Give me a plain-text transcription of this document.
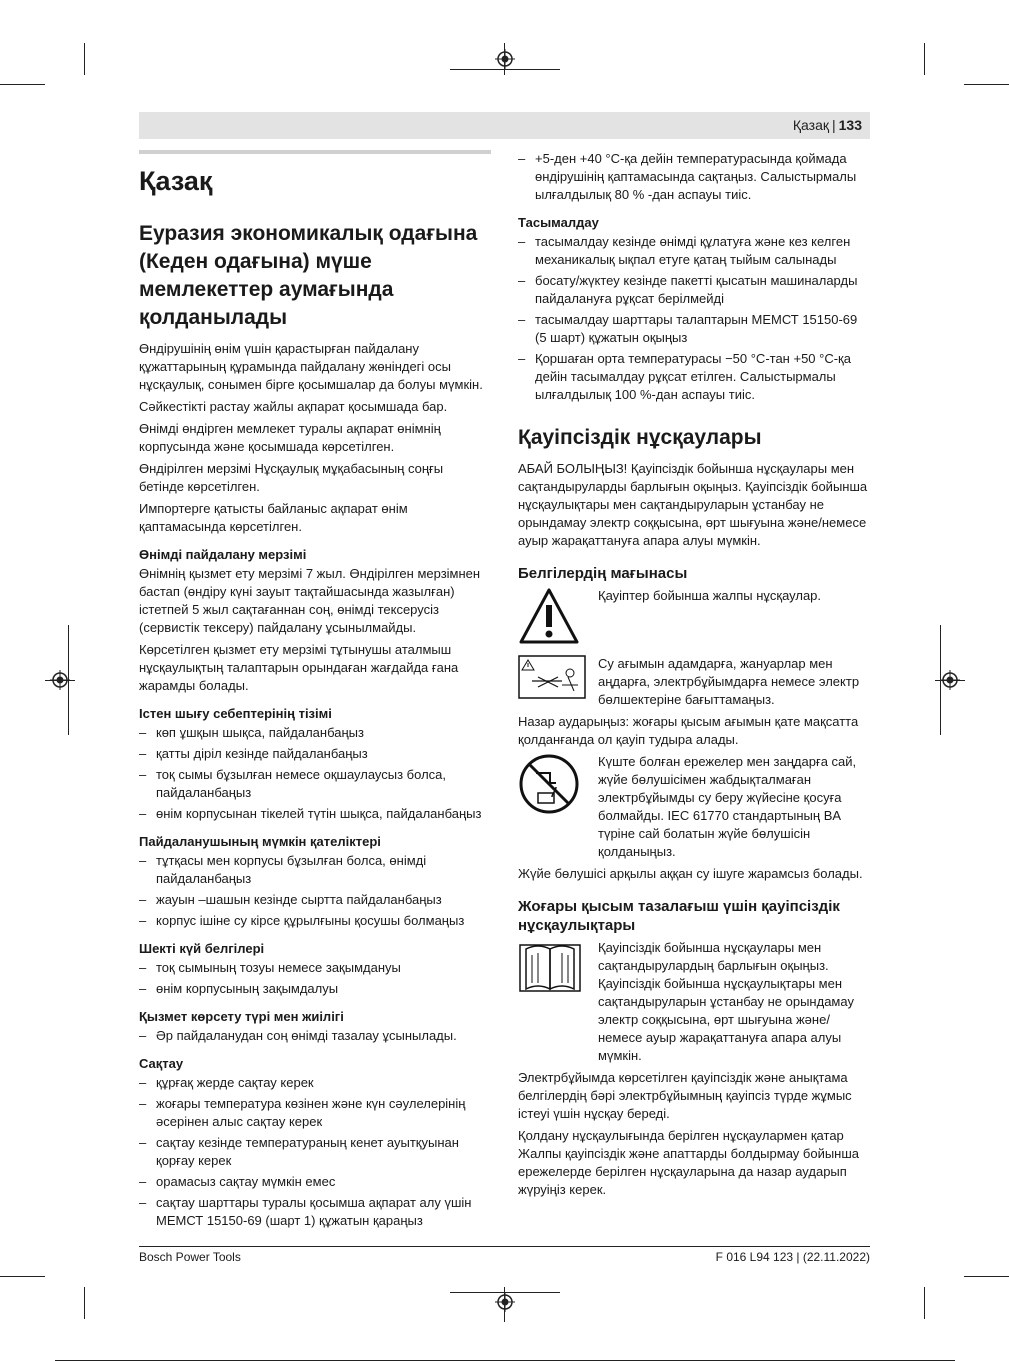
Қазақ | 133
Қазақ
Еуразия экономикалық одағына (Кеден одағына) мүше мемлекеттер аумағында қолданылады

Өндірушінің өнім үшін қарастырған пайдалану құжаттарының құрамында пайдалану жөніндегі осы нұсқаулық, сонымен бірге қосымшалар да болуы мүмкін.

Сәйкестікті растау жайлы ақпарат қосымшада бар.

Өнімді өндірген мемлекет туралы ақпарат өнімнің корпусында және қосымшада көрсетілген.

Өндірілген мерзімі Нұсқаулық мұқабасының соңғы бетінде көрсетілген.

Импортерге қатысты байланыс ақпарат өнім қаптамасында көрсетілген.

Өнімді пайдалану мерзімі

Өнімнің қызмет ету мерзімі 7 жыл. Өндірілген мерзімнен бастап (өндіру күні зауыт тақтайшасында жазылған) істетпей 5 жыл сақтағаннан соң, өнімді тексерусіз (сервистік тексеру) пайдалану ұсынылмайды.

Көрсетілген қызмет ету мерзімі тұтынушы аталмыш нұсқаулықтың талаптарын орындаған жағдайда ғана жарамды болады.

Істен шығу себептерінің тізімі
– көп ұшқын шықса, пайдаланбаңыз
– қатты діріл кезінде пайдаланбаңыз
– тоқ сымы бұзылған немесе оқшаулаусыз болса, пайдаланбаңыз
– өнім корпусынан тікелей түтін шықса, пайдаланбаңыз
Пайдаланушының мүмкін қателіктері
– тұтқасы мен корпусы бұзылған болса, өнімді пайдаланбаңыз
– жауын –шашын кезінде сыртта пайдаланбаңыз
– корпус ішіне су кірсе құрылғыны қосушы болмаңыз
Шекті күй белгілері
– тоқ сымының тозуы немесе зақымдануы
– өнім корпусының зақымдалуы
Қызмет көрсету түрі мен жиілігі
– Әр пайдаланудан соң өнімді тазалау ұсынылады.
Сақтау
– құрғақ жерде сақтау керек
– жоғары температура көзінен және күн сәулелерінің әсерінен алыс сақтау керек
– сақтау кезінде температураның кенет ауытқуынан қорғау керек
– орамасыз сақтау мүмкін емес
– сақтау шарттары туралы қосымша ақпарат алу үшін МЕМСТ 15150-69 (шарт 1) құжатын қараңыз
– +5-ден +40 °C-қа дейін температурасында қоймада өндірушінің қаптамасында сақтаңыз. Салыстырмалы ылғалдылық 80 % -дан аспауы тиіс.
Тасымалдау
– тасымалдау кезінде өнімді құлатуға және кез келген механикалық ықпал етуге қатаң тыйым салынады
– босату/жүктеу кезінде пакетті қысатын машиналарды пайдалануға рұқсат берілмейді
– тасымалдау шарттары талаптарын МЕМСТ 15150-69 (5 шарт) құжатын оқыңыз
– Қоршаған орта температурасы −50 °C-тан +50 °C-қа дейін тасымалдау рұқсат етілген. Салыстырмалы ылғалдылық 100 %-дан аспауы тиіс.
Қауіпсіздік нұсқаулары

АБАЙ БОЛЫҢЫЗ! Қауіпсіздік бойынша нұсқаулары мен сақтандыруларды барлығын оқыңыз. Қауіпсіздік бойынша нұсқаулықтары мен сақтандыруларын ұстанбау не орындамау электр соққысына, өрт шығуына және/немесе ауыр жарақаттануға апара алуы мүмкін.

Белгілердің мағынасы
Қауіптер бойынша жалпы нұсқаулар.
Су ағымын адамдарға, жануарлар мен аңдарға, электрбұйымдарға немесе электр бөлшектеріне бағыттамаңыз.

Назар аударыңыз: жоғары қысым ағымын қате мақсатта қолданғанда ол қауіп тудыра алады.

Күште болған ережелер мен заңдарға сай, жүйе бөлушісімен жабдықталмаған электрбұйымды су беру жүйесіне қосуға болмайды. IEC 61770 стандартының BA түріне сай болатын жүйе бөлушісін қолданыңыз.

Жүйе бөлушісі арқылы аққан су ішуге жарамсыз болады.

Жоғары қысым тазалағыш үшін қауіпсіздік нұсқаулықтары
Қауіпсіздік бойынша нұсқаулары мен сақтандырулардың барлығын оқыңыз. Қауіпсіздік бойынша нұсқаулықтары мен сақтандыруларын ұстанбау не орындамау электр соққысына, өрт шығуына және/немесе ауыр жарақаттануға апара алуы мүмкін.

Электрбұйымда көрсетілген қауіпсіздік және анықтама белгілердің бәрі электрбұйымның қауіпсіз түрде жұмыс істеуі үшін нұсқау береді.

Қолдану нұсқаулығында берілген нұсқаулармен қатар Жалпы қауіпсіздік және апаттарды болдырмау бойынша ережелерде берілген нұсқауларына да назар аударып жүруіңіз керек.

Bosch Power Tools	F 016 L94 123 | (22.11.2022)
